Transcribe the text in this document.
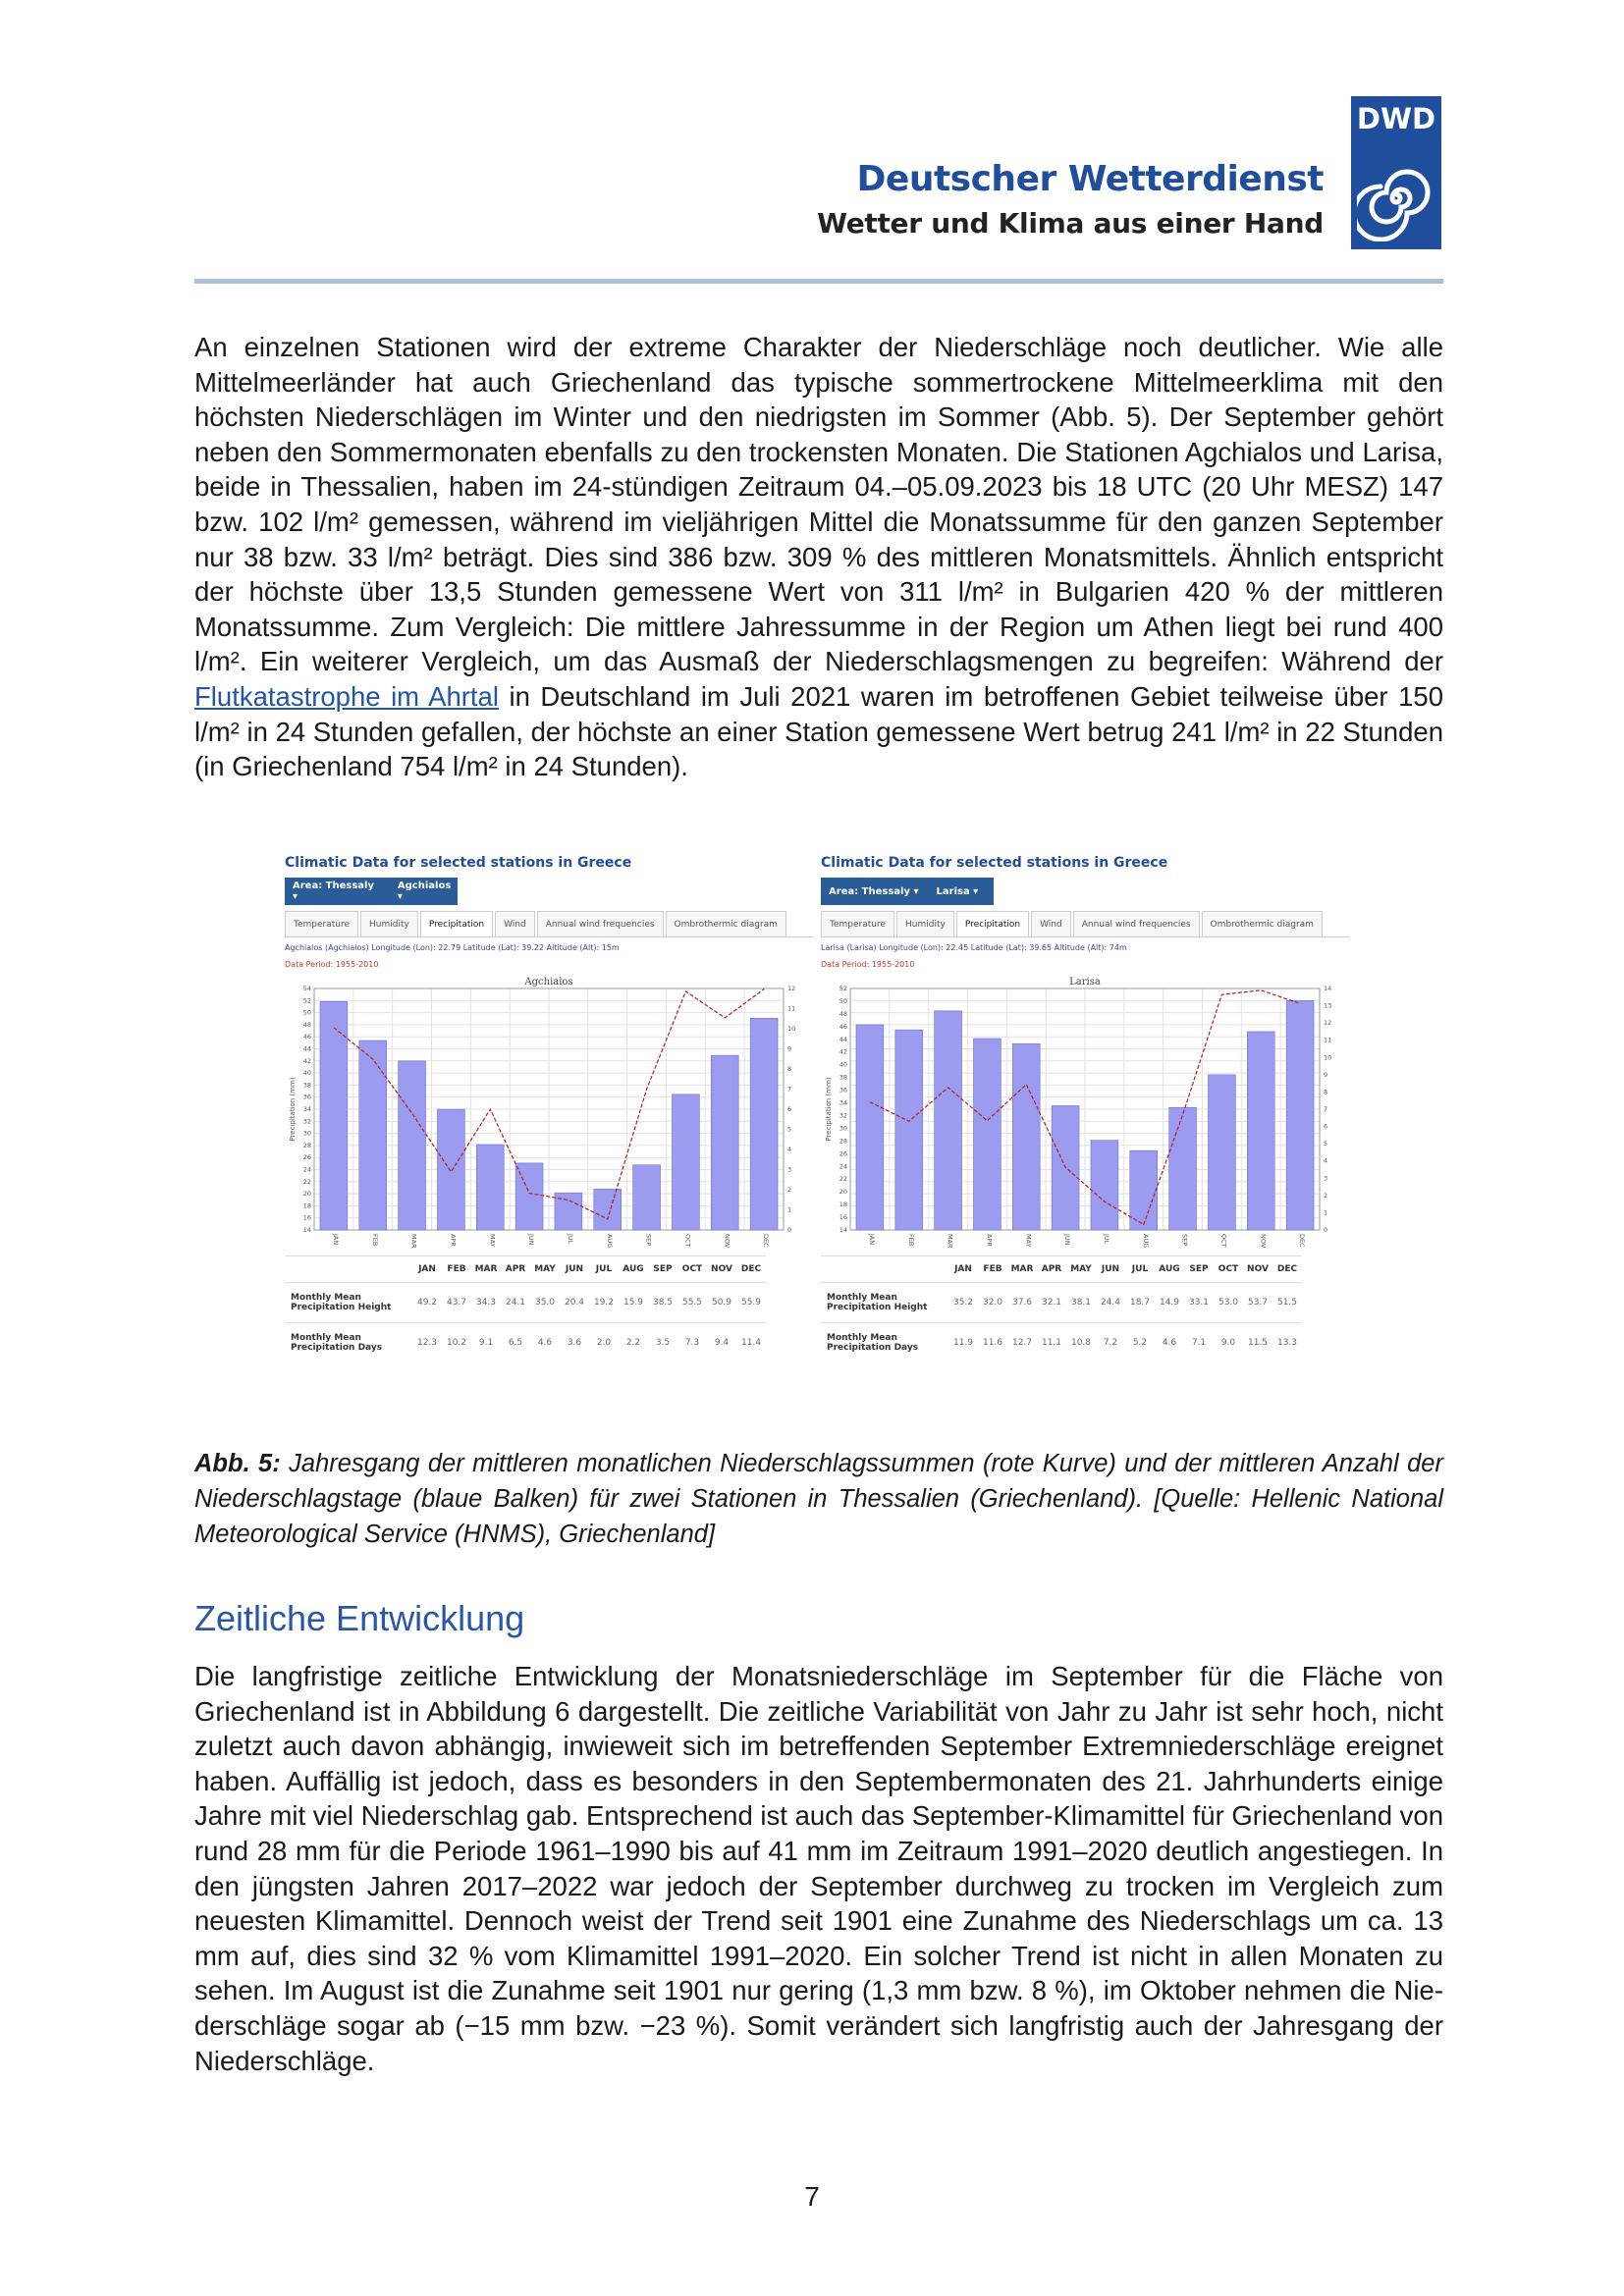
Deutscher Wetterdienst
Wetter und Klima aus einer Hand
DWD

An einzelnen Stationen wird der extreme Charakter der Niederschläge noch deutlicher. Wie alle Mittelmeerländer hat auch Griechenland das typische sommertrockene Mittelmeerklima mit den höchsten Niederschlägen im Winter und den niedrigsten im Sommer (Abb. 5). Der September gehört neben den Sommermonaten ebenfalls zu den trockensten Monaten. Die Stationen Agchialos und Larisa, beide in Thessalien, haben im 24-stündigen Zeitraum 04.–05.09.2023 bis 18 UTC (20 Uhr MESZ) 147 bzw. 102 l/m² gemessen, während im vieljährigen Mittel die Monatssumme für den ganzen September nur 38 bzw. 33 l/m² beträgt. Dies sind 386 bzw. 309 % des mittleren Monatsmittels. Ähnlich entspricht der höchste über 13,5 Stunden gemessene Wert von 311 l/m² in Bulgarien 420 % der mittleren Monatssumme. Zum Vergleich: Die mittlere Jahressumme in der Region um Athen liegt bei rund 400 l/m². Ein weiterer Vergleich, um das Ausmaß der Niederschlagsmengen zu begreifen: Während der Flutkatastrophe im Ahrtal in Deutschland im Juli 2021 waren im betroffenen Gebiet teilweise über 150 l/m² in 24 Stunden gefallen, der höchste an einer Station gemessene Wert betrug 241 l/m² in 22 Stunden (in Griechenland 754 l/m² in 24 Stunden).

Climatic Data for selected stations in Greece
Area: Thessaly ▾
Agchialos ▾
Temperature	Humidity	Precipitation	Wind	Annual wind frequencies	Ombrothermic diagram
Agchialos (Agchialos) Longitude (Lon): 22.79 Latitude (Lat): 39.22 Altitude (Alt): 15m
Data Period: 1955-2010
Agchialos
14
16
18
20
22
24
26
28
30
32
34
36
38
40
42
44
46
48
50
52
54
0
1
2
3
4
5
6
7
8
9
10
11
12
Precipitation (mm)
JAN	FEB	MAR	APR	MAY	JUN	JUL	AUG	SEP	OCT	NOV	DEC
	JAN	FEB	MAR	APR	MAY	JUN	JUL	AUG	SEP	OCT	NOV	DEC
Monthly Mean Precipitation Height	49.2	43.7	34.3	24.1	35.0	20.4	19.2	15.9	38.5	55.5	50.9	55.9
Monthly Mean Precipitation Days	12.3	10.2	9.1	6.5	4.6	3.6	2.0	2.2	3.5	7.3	9.4	11.4
Climatic Data for selected stations in Greece
Area: Thessaly ▾ Larisa ▾
Temperature	Humidity	Precipitation	Wind	Annual wind frequencies	Ombrothermic diagram
Larisa (Larisa) Longitude (Lon): 22.45 Latitude (Lat): 39.65 Altitude (Alt): 74m
Data Period: 1955-2010
Larisa
14
16
18
20
22
24
26
28
30
32
34
36
38
40
42
44
46
48
50
52
0
1
2
3
4
5
6
7
8
9
10
11
12
13
14
Precipitation (mm)
JAN	FEB	MAR	APR	MAY	JUN	JUL	AUG	SEP	OCT	NOV	DEC
	JAN	FEB	MAR	APR	MAY	JUN	JUL	AUG	SEP	OCT	NOV	DEC
Monthly Mean Precipitation Height	35.2	32.0	37.6	32.1	38.1	24.4	18.7	14.9	33.1	53.0	53.7	51.5
Monthly Mean Precipitation Days	11.9	11.6	12.7	11.1	10.8	7.2	5.2	4.6	7.1	9.0	11.5	13.3
Abb. 5: Jahresgang der mittleren monatlichen Niederschlagssummen (rote Kurve) und der mittleren Anzahl der Niederschlagstage (blaue Balken) für zwei Stationen in Thessalien (Griechenland). [Quelle: Hellenic National Meteorological Service (HNMS), Griechenland]
Zeitliche Entwicklung

Die langfristige zeitliche Entwicklung der Monatsniederschläge im September für die Fläche von Griechenland ist in Abbildung 6 dargestellt. Die zeitliche Variabilität von Jahr zu Jahr ist sehr hoch, nicht zuletzt auch davon abhängig, inwieweit sich im betreffenden September Extremniederschläge ereignet haben. Auffällig ist jedoch, dass es besonders in den Septembermonaten des 21. Jahrhunderts einige Jahre mit viel Niederschlag gab. Entsprechend ist auch das September-Klimamittel für Griechenland von rund 28 mm für die Periode 1961–1990 bis auf 41 mm im Zeitraum 1991–2020 deutlich angestiegen. In den jüngsten Jahren 2017–2022 war jedoch der September durchweg zu trocken im Vergleich zum neuesten Klimamittel. Dennoch weist der Trend seit 1901 eine Zunahme des Niederschlags um ca. 13 mm auf, dies sind 32 % vom Klimamittel 1991–2020. Ein solcher Trend ist nicht in allen Monaten zu sehen. Im August ist die Zunahme seit 1901 nur gering (1,3 mm bzw. 8 %), im Oktober nehmen die Niederschläge sogar ab (−15 mm bzw. −23 %). Somit verändert sich langfristig auch der Jahresgang der Niederschläge.

7
